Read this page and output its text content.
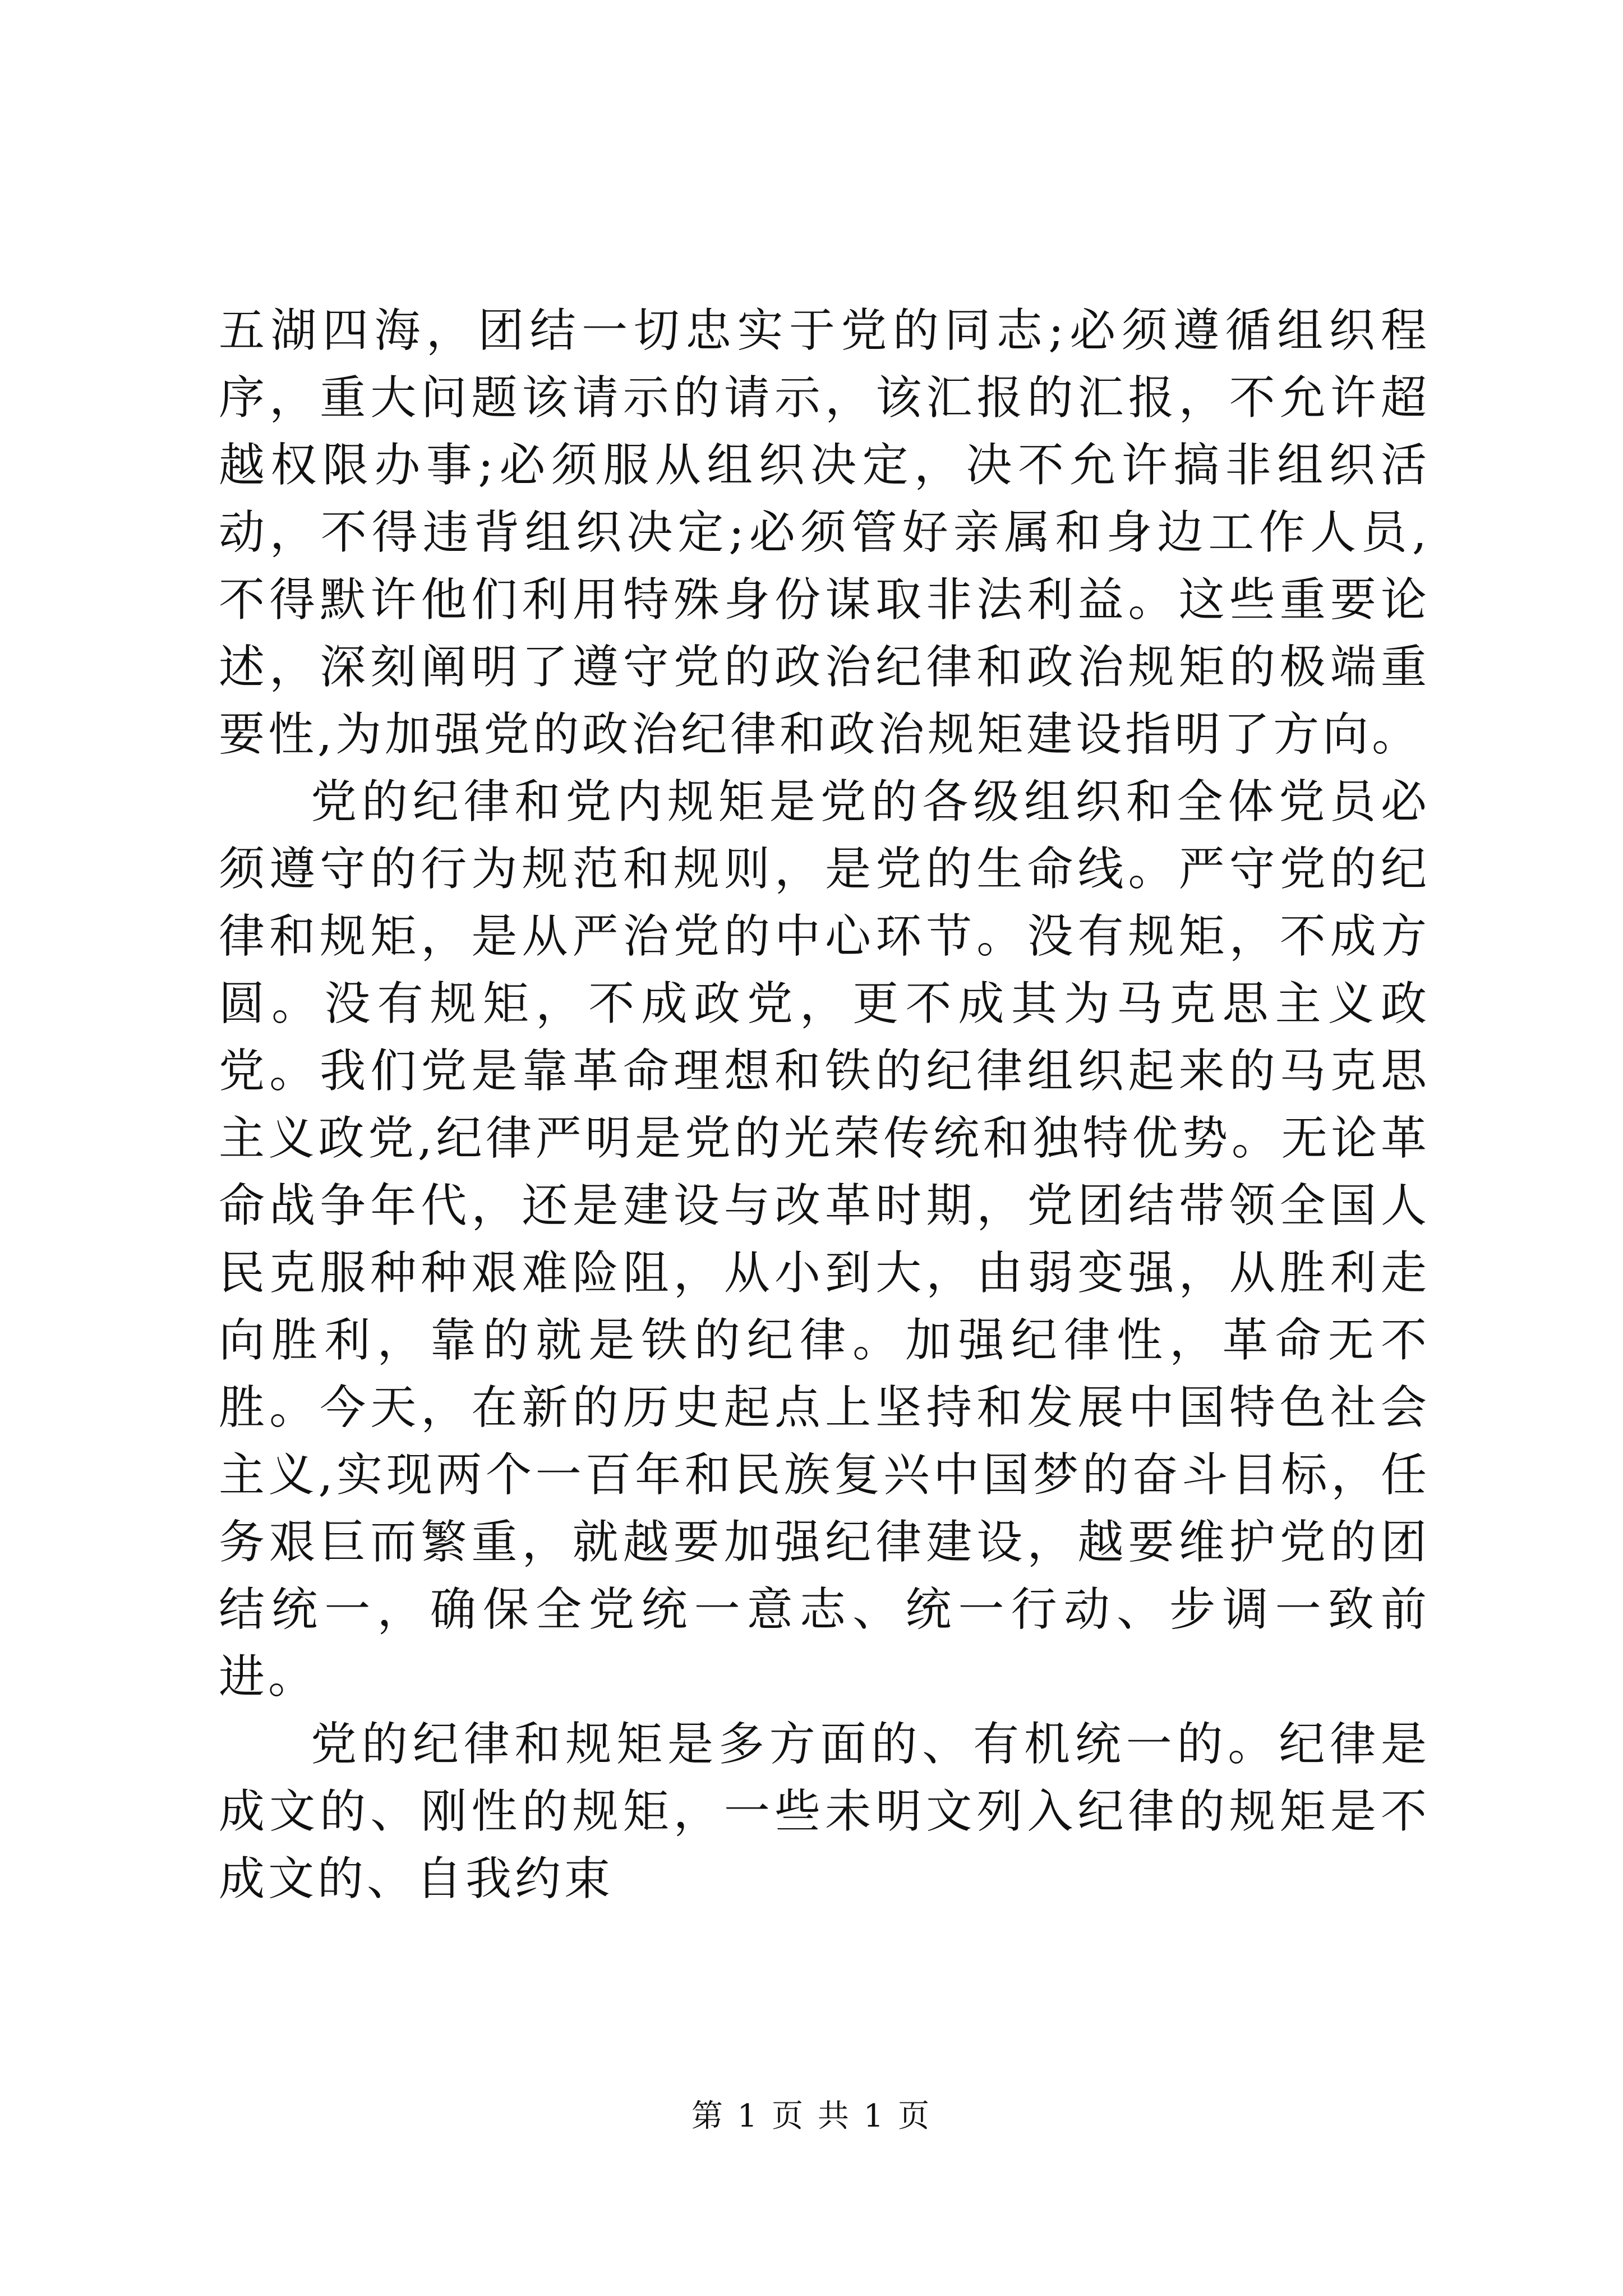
五湖四海，团结一切忠实于党的同志;必须遵循组织程序，重大问题该请示的请示，该汇报的汇报，不允许超越权限办事;必须服从组织决定，决不允许搞非组织活动，不得违背组织决定;必须管好亲属和身边工作人员,不得默许他们利用特殊身份谋取非法利益。这些重要论述，深刻阐明了遵守党的政治纪律和政治规矩的极端重要性,为加强党的政治纪律和政治规矩建设指明了方向。

党的纪律和党内规矩是党的各级组织和全体党员必须遵守的行为规范和规则，是党的生命线。严守党的纪律和规矩，是从严治党的中心环节。没有规矩，不成方圆。没有规矩，不成政党，更不成其为马克思主义政党。我们党是靠革命理想和铁的纪律组织起来的马克思主义政党,纪律严明是党的光荣传统和独特优势。无论革命战争年代，还是建设与改革时期，党团结带领全国人民克服种种艰难险阻，从小到大，由弱变强，从胜利走向胜利，靠的就是铁的纪律。加强纪律性，革命无不胜。今天，在新的历史起点上坚持和发展中国特色社会主义,实现两个一百年和民族复兴中国梦的奋斗目标，任务艰巨而繁重，就越要加强纪律建设，越要维护党的团结统一，确保全党统一意志、统一行动、步调一致前进。

党的纪律和规矩是多方面的、有机统一的。纪律是成文的、刚性的规矩，一些未明文列入纪律的规矩是不成文的、自我约束

第 1 页 共 1 页
